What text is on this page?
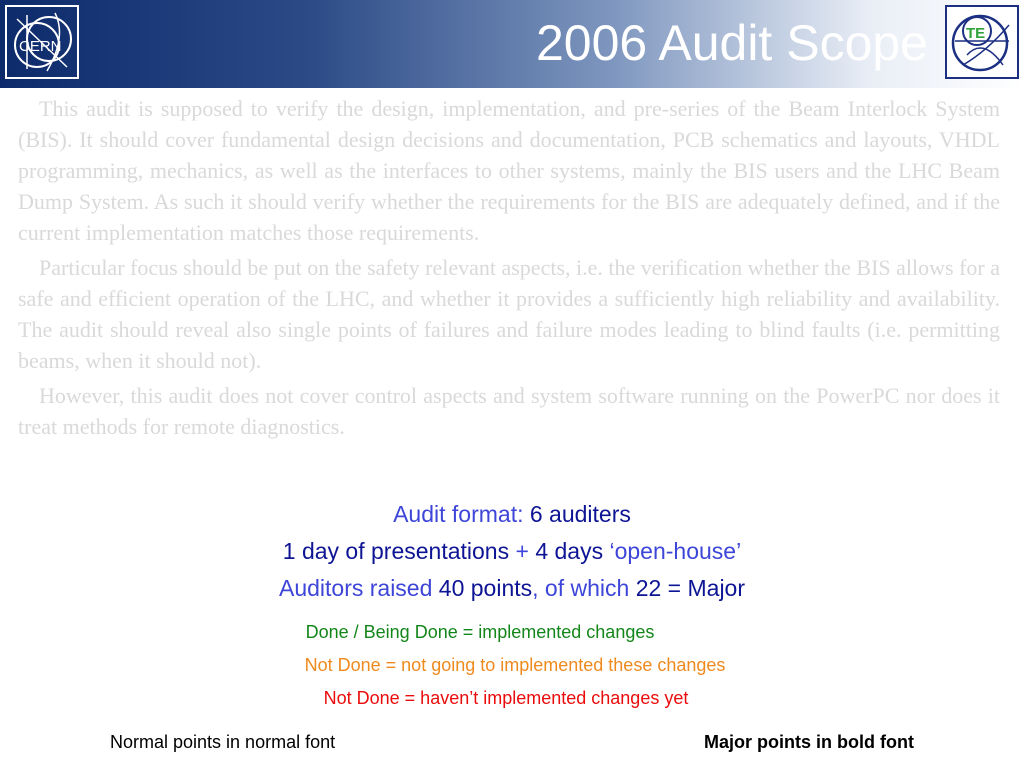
CERN	2006 Audit Scope	TE

This audit is supposed to verify the design, implementation, and pre-series of the Beam Interlock System (BIS). It should cover fundamental design decisions and documentation, PCB schematics and layouts, VHDL programming, mechanics, as well as the interfaces to other systems, mainly the BIS users and the LHC Beam Dump System. As such it should verify whether the requirements for the BIS are adequately defined, and if the current implementation matches those requirements.

Particular focus should be put on the safety relevant aspects, i.e. the verification whether the BIS allows for a safe and efficient operation of the LHC, and whether it provides a sufficiently high reliability and availability. The audit should reveal also single points of failures and failure modes leading to blind faults (i.e. permitting beams, when it should not).

However, this audit does not cover control aspects and system software running on the PowerPC nor does it treat methods for remote diagnostics.

Audit format: 6 auditers
1 day of presentations + 4 days ‘open-house’
Auditors raised 40 points, of which 22 = Major
Done / Being Done = implemented changes
Not Done = not going to implemented these changes
Not Done = haven’t implemented changes yet
Normal points in normal font	Major points in bold font
